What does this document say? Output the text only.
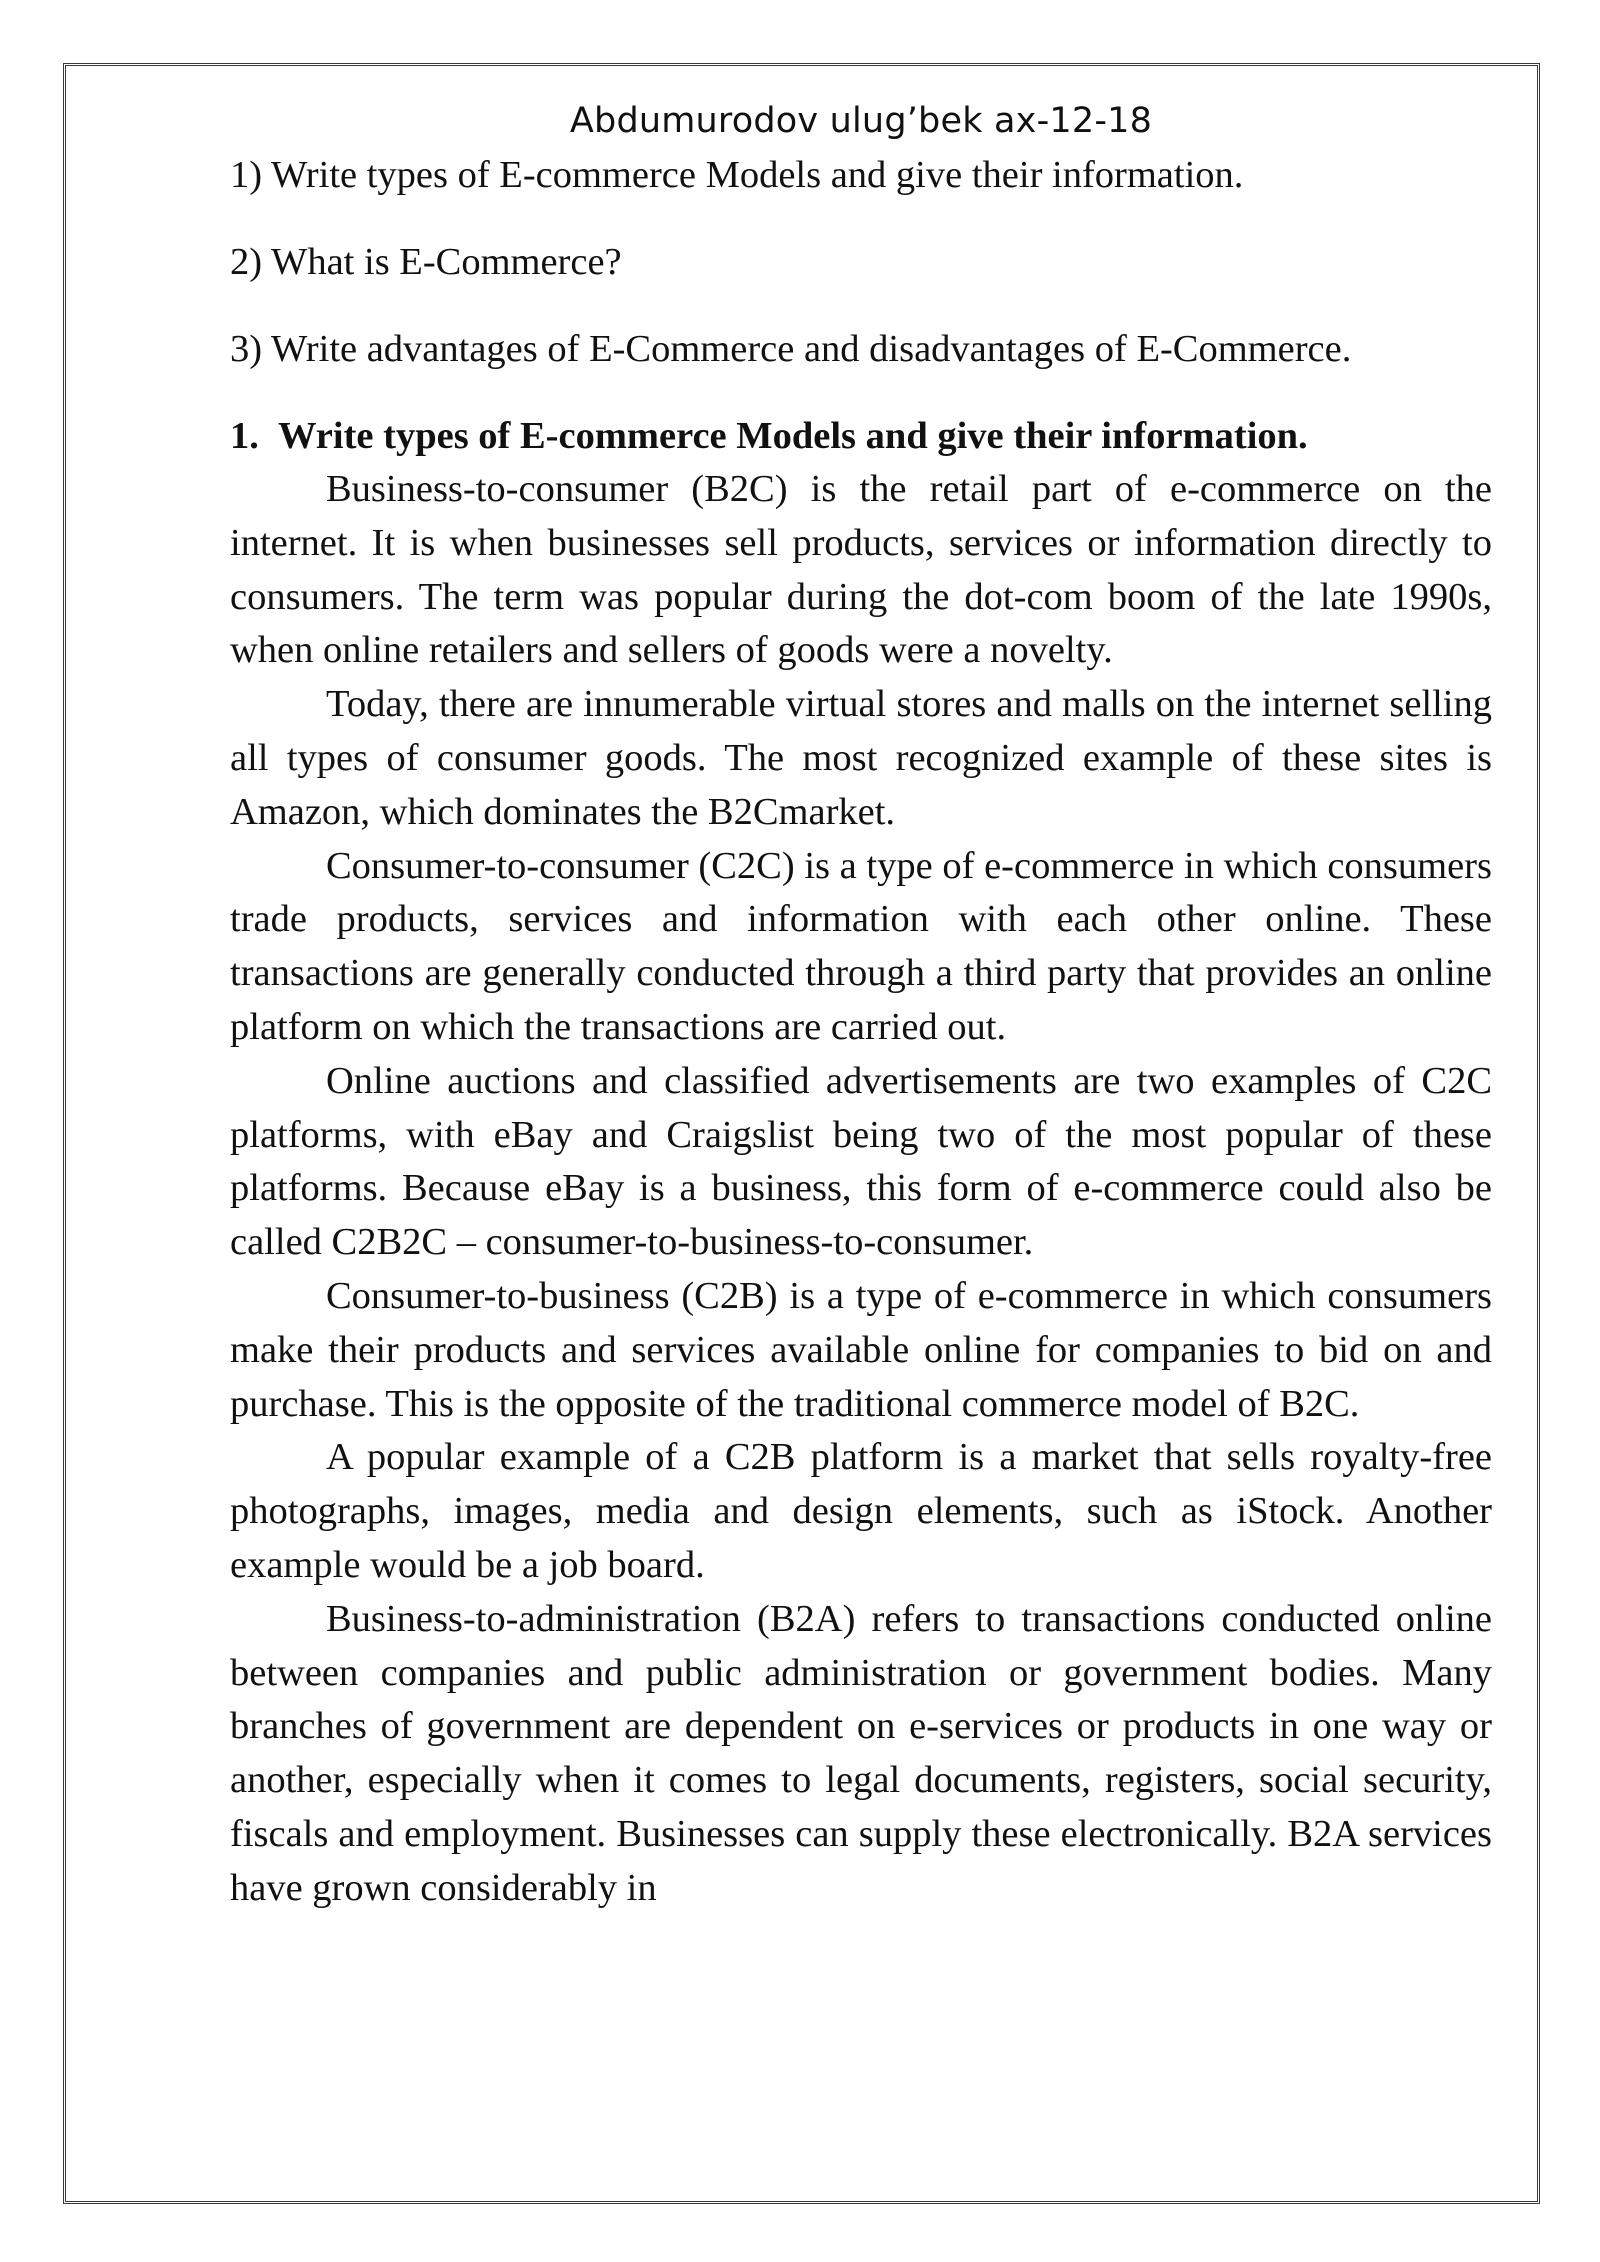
Abdumurodov ulug’bek ax-12-18

1) Write types of E-commerce Models and give their information.

2) What is E-Commerce?

3) Write advantages of E-Commerce and disadvantages of E-Commerce.

1. Write types of E-commerce Models and give their information.

Business-to-consumer (B2C) is the retail part of e-commerce on the internet. It is when businesses sell products, services or information directly to consumers. The term was popular during the dot-com boom of the late 1990s, when online retailers and sellers of goods were a novelty.

Today, there are innumerable virtual stores and malls on the internet selling all types of consumer goods. The most recognized example of these sites is Amazon, which dominates the B2Cmarket.

Consumer-to-consumer (C2C) is a type of e-commerce in which consumers trade products, services and information with each other online. These transactions are generally conducted through a third party that provides an online platform on which the transactions are carried out.

Online auctions and classified advertisements are two examples of C2C platforms, with eBay and Craigslist being two of the most popular of these platforms. Because eBay is a business, this form of e-commerce could also be called C2B2C – consumer-to-business-to-consumer.

Consumer-to-business (C2B) is a type of e-commerce in which consumers make their products and services available online for companies to bid on and purchase. This is the opposite of the traditional commerce model of B2C.

A popular example of a C2B platform is a market that sells royalty-free photographs, images, media and design elements, such as iStock. Another example would be a job board.

Business-to-administration (B2A) refers to transactions conducted online between companies and public administration or government bodies. Many branches of government are dependent on e-services or products in one way or another, especially when it comes to legal documents, registers, social security, fiscals and employment. Businesses can supply these electronically. B2A services have grown considerably in
